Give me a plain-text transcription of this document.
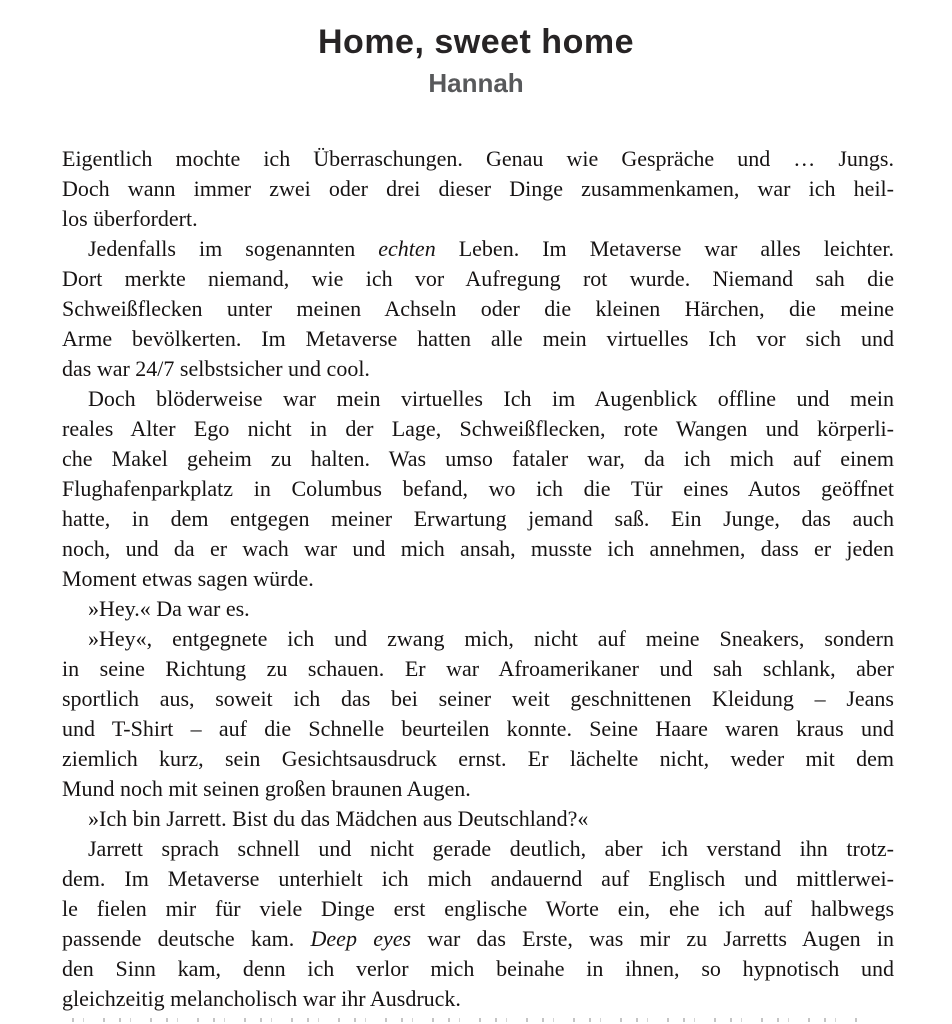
Home, sweet home
Hannah
Eigentlich mochte ich Überraschungen. Genau wie Gespräche und … Jungs.
Doch wann immer zwei oder drei dieser Dinge zusammenkamen, war ich heil-
los überfordert.
Jedenfalls im sogenannten echten Leben. Im Metaverse war alles leichter.
Dort merkte niemand, wie ich vor Aufregung rot wurde. Niemand sah die
Schweißflecken unter meinen Achseln oder die kleinen Härchen, die meine
Arme bevölkerten. Im Metaverse hatten alle mein virtuelles Ich vor sich und
das war 24/7 selbstsicher und cool.
Doch blöderweise war mein virtuelles Ich im Augenblick offline und mein
reales Alter Ego nicht in der Lage, Schweißflecken, rote Wangen und körperli-
che Makel geheim zu halten. Was umso fataler war, da ich mich auf einem
Flughafenparkplatz in Columbus befand, wo ich die Tür eines Autos geöffnet
hatte, in dem entgegen meiner Erwartung jemand saß. Ein Junge, das auch
noch, und da er wach war und mich ansah, musste ich annehmen, dass er jeden
Moment etwas sagen würde.
»Hey.« Da war es.
»Hey«, entgegnete ich und zwang mich, nicht auf meine Sneakers, sondern
in seine Richtung zu schauen. Er war Afroamerikaner und sah schlank, aber
sportlich aus, soweit ich das bei seiner weit geschnittenen Kleidung – Jeans
und T-Shirt – auf die Schnelle beurteilen konnte. Seine Haare waren kraus und
ziemlich kurz, sein Gesichtsausdruck ernst. Er lächelte nicht, weder mit dem
Mund noch mit seinen großen braunen Augen.
»Ich bin Jarrett. Bist du das Mädchen aus Deutschland?«
Jarrett sprach schnell und nicht gerade deutlich, aber ich verstand ihn trotz-
dem. Im Metaverse unterhielt ich mich andauernd auf Englisch und mittlerwei-
le fielen mir für viele Dinge erst englische Worte ein, ehe ich auf halbwegs
passende deutsche kam. Deep eyes war das Erste, was mir zu Jarretts Augen in
den Sinn kam, denn ich verlor mich beinahe in ihnen, so hypnotisch und
gleichzeitig melancholisch war ihr Ausdruck.
